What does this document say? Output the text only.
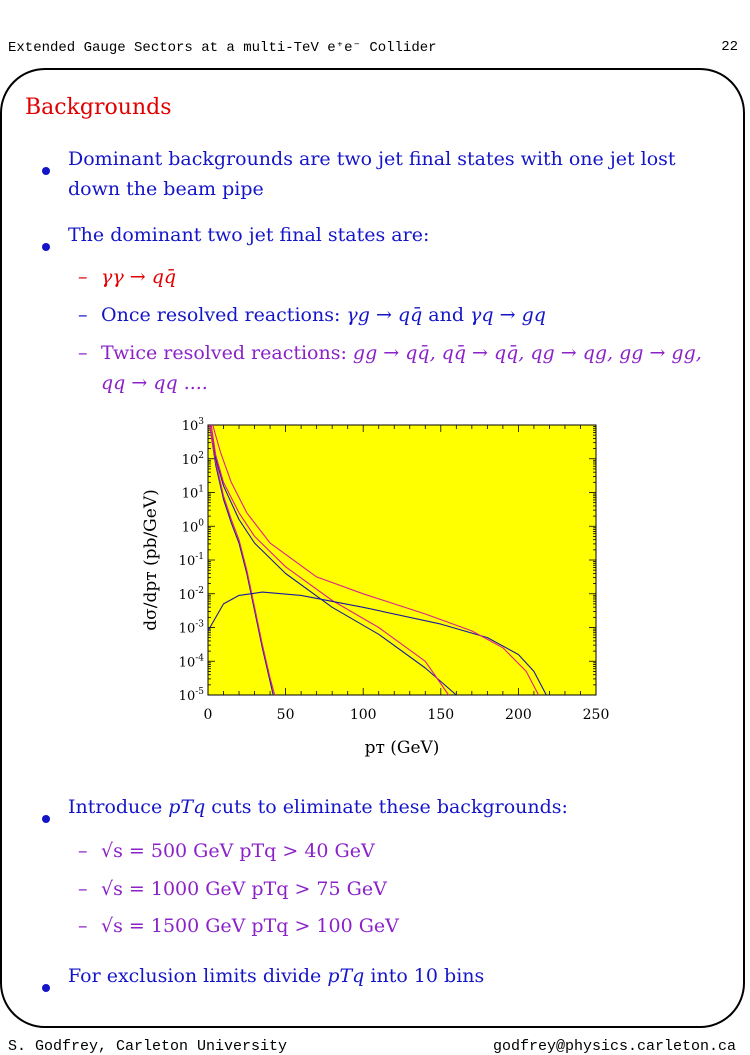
Extended Gauge Sectors at a multi-TeV e⁺e⁻ Collider	22
Backgrounds
Dominant backgrounds are two jet final states with one jet lost
down the beam pipe
The dominant two jet final states are:
– γγ → qq̄
– Once resolved reactions: γg → qq̄ and γq → gq
– Twice resolved reactions: gg → qq̄, qq̄ → qq̄, qg → qg, gg → gg,
qq → qq ....
0	50	100	150	200	250
$10^3$
$10^2$
$10^1$
$10^0$
$10^{-1}$
$10^{-2}$
$10^{-3}$
$10^{-4}$
$10^{-5}$
pᴛ (GeV)
dσ/dpᴛ (pb/GeV)
Introduce pTq cuts to eliminate these backgrounds:
– √s = 500 GeV pTq > 40 GeV
– √s = 1000 GeV pTq > 75 GeV
– √s = 1500 GeV pTq > 100 GeV
For exclusion limits divide pTq into 10 bins
S. Godfrey, Carleton University	godfrey@physics.carleton.ca
